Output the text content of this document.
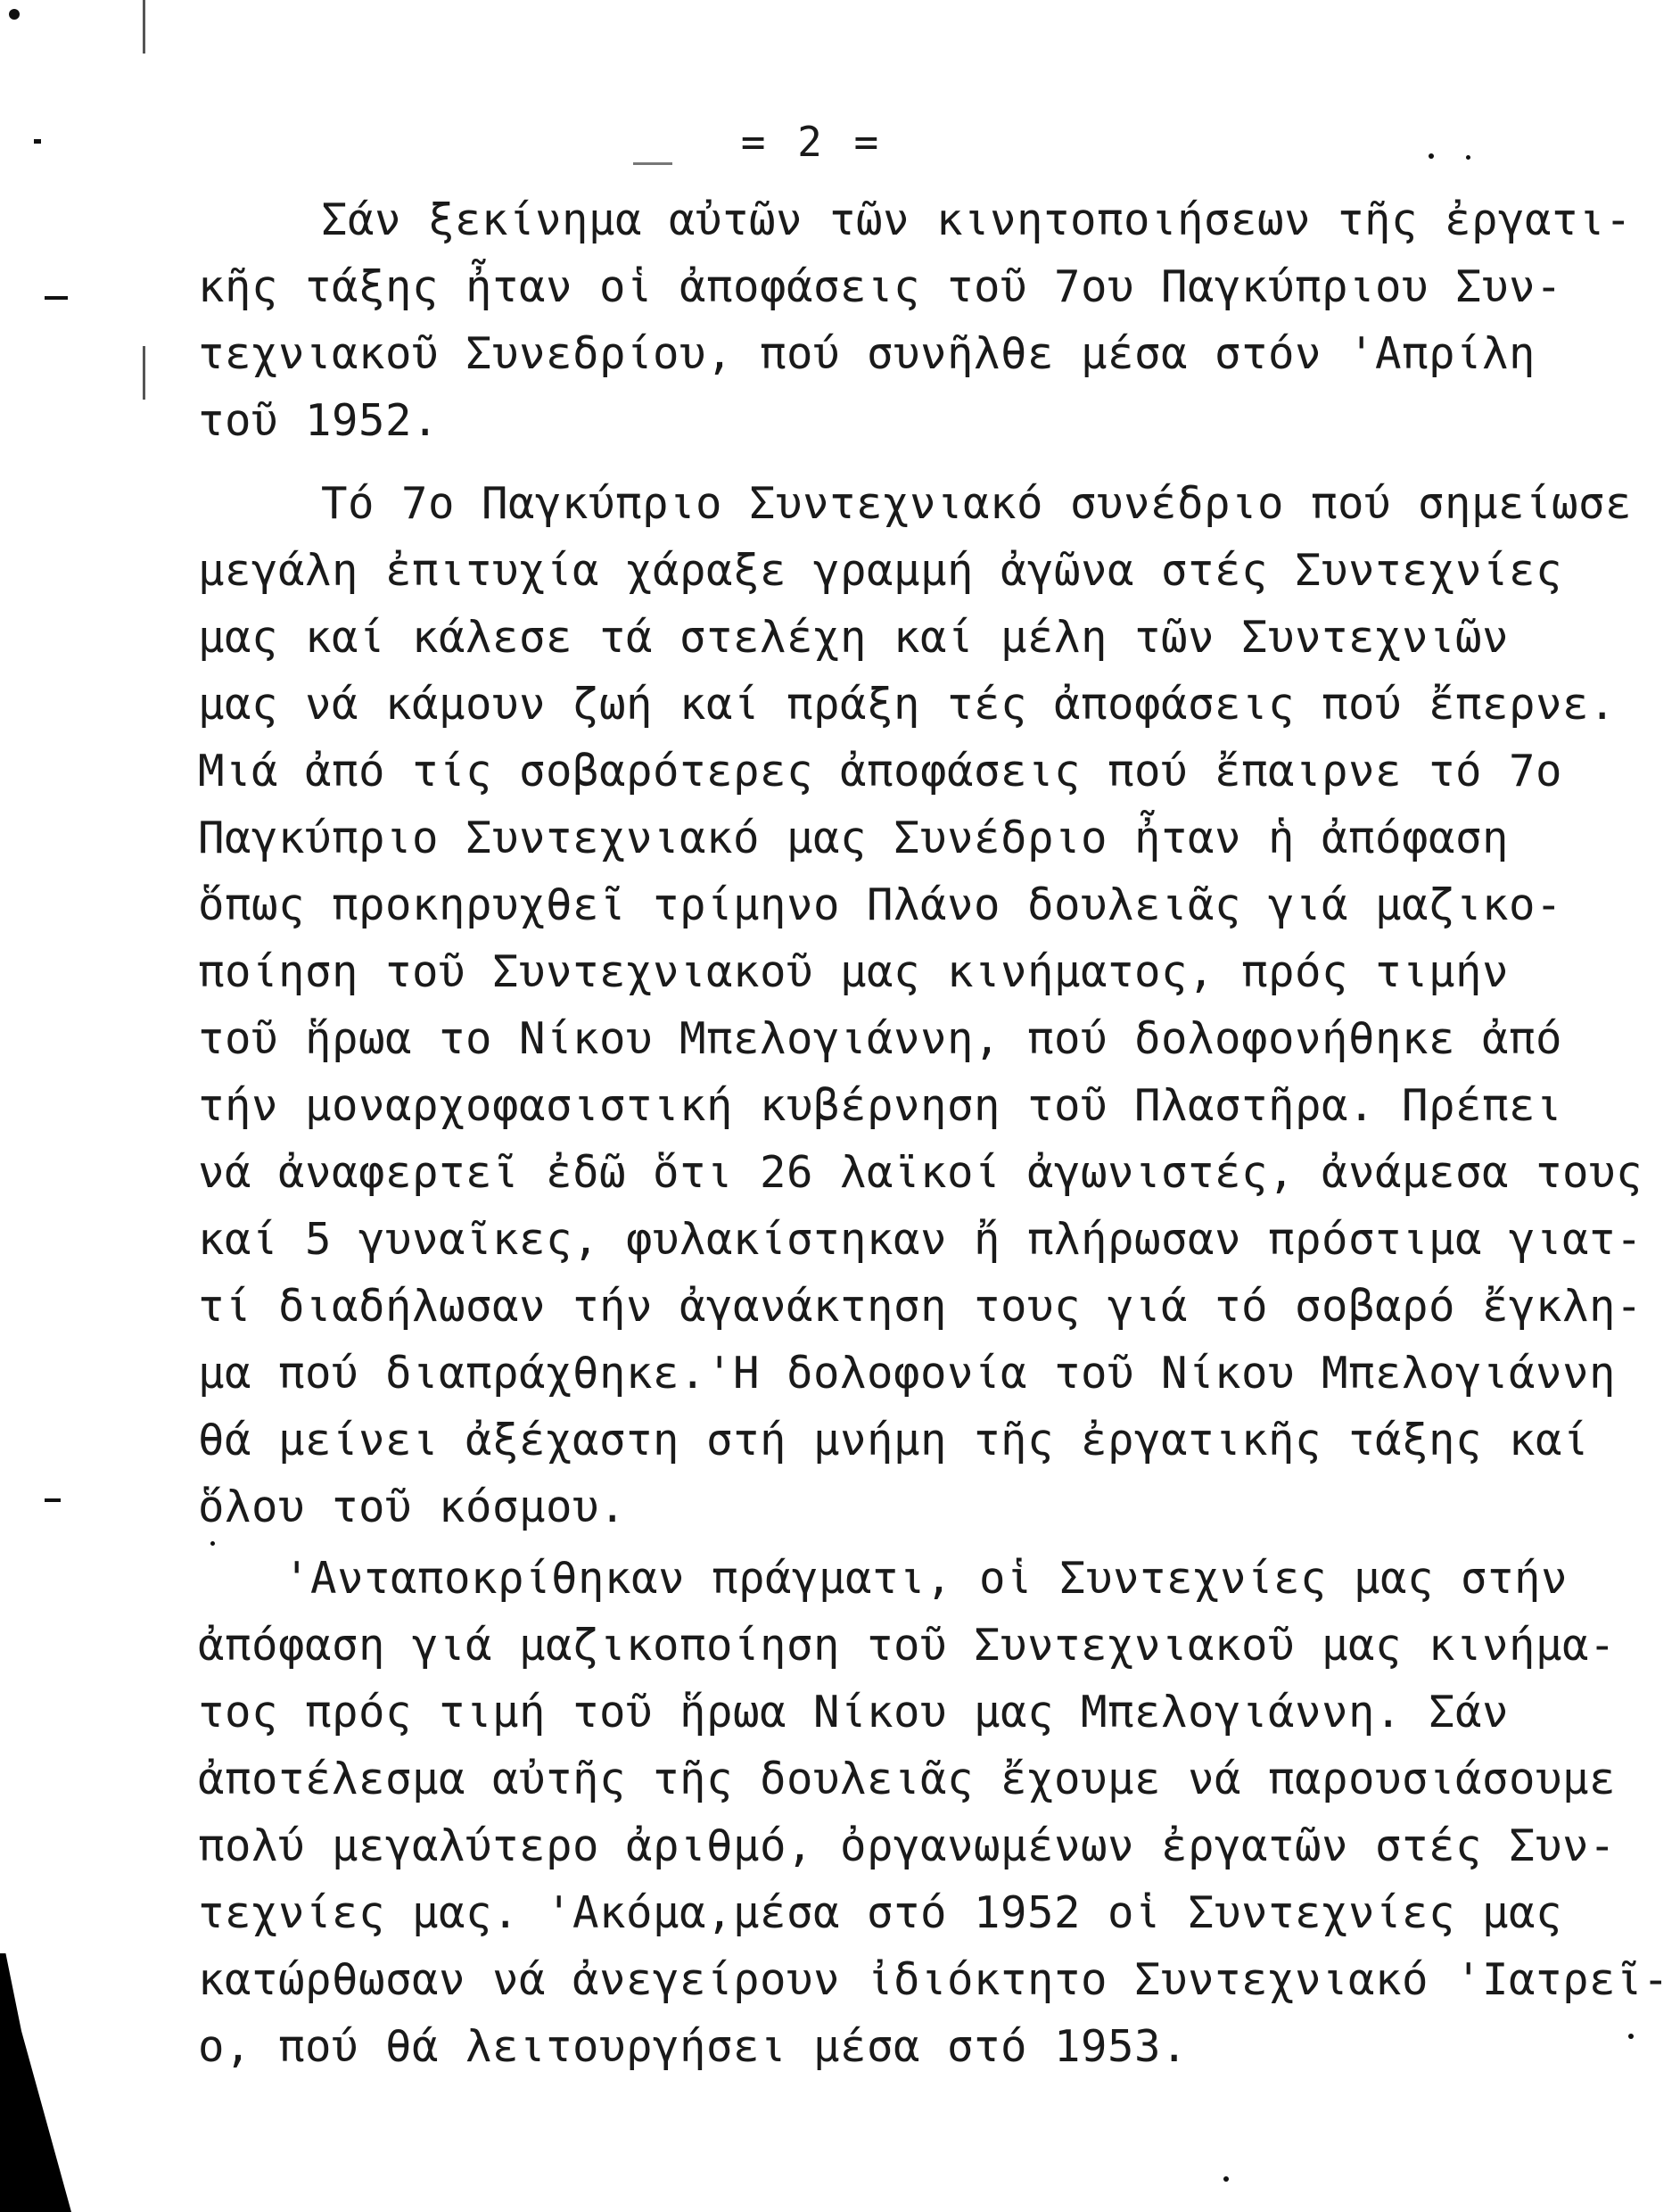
= 2 =
Σάν ξεκίνημα αὐτῶν τῶν κινητοποιήσεων τῆς ἐργατι-
κῆς τάξης ἦταν οἱ ἀποφάσεις τοῦ 7ου Παγκύπριου Συν-
τεχνιακοῦ Συνεδρίου, πού συνῆλθε μέσα στόν 'Απρίλη
τοῦ 1952.
Τό 7ο Παγκύπριο Συντεχνιακό συνέδριο πού σημείωσε
μεγάλη ἐπιτυχία χάραξε γραμμή ἀγῶνα στές Συντεχνίες
μας καί κάλεσε τά στελέχη καί μέλη τῶν Συντεχνιῶν
μας νά κάμουν ζωή καί πράξη τές ἀποφάσεις πού ἔπερνε.
Μιά ἀπό τίς σοβαρότερες ἀποφάσεις πού ἔπαιρνε τό 7ο
Παγκύπριο Συντεχνιακό μας Συνέδριο ἦταν ἡ ἀπόφαση
ὅπως προκηρυχθεῖ τρίμηνο Πλάνο δουλειᾶς γιά μαζικο-
ποίηση τοῦ Συντεχνιακοῦ μας κινήματος, πρός τιμήν
τοῦ ἥρωα το Νίκου Μπελογιάννη, πού δολοφονήθηκε ἀπό
τήν μοναρχοφασιστική κυβέρνηση τοῦ Πλαστῆρα. Πρέπει
νά ἀναφερτεῖ ἐδῶ ὅτι 26 λαϊκοί ἀγωνιστές, ἀνάμεσα τους
καί 5 γυναῖκες, φυλακίστηκαν ἤ πλήρωσαν πρόστιμα γιατ-
τί διαδήλωσαν τήν ἀγανάκτηση τους γιά τό σοβαρό ἔγκλη-
μα πού διαπράχθηκε.'Η δολοφονία τοῦ Νίκου Μπελογιάννη
θά μείνει ἀξέχαστη στή μνήμη τῆς ἐργατικῆς τάξης καί
ὅλου τοῦ κόσμου.
'Ανταποκρίθηκαν πράγματι, οἱ Συντεχνίες μας στήν
ἀπόφαση γιά μαζικοποίηση τοῦ Συντεχνιακοῦ μας κινήμα-
τος πρός τιμή τοῦ ἥρωα Νίκου μας Μπελογιάννη. Σάν
ἀποτέλεσμα αὐτῆς τῆς δουλειᾶς ἔχουμε νά παρουσιάσουμε
πολύ μεγαλύτερο ἀριθμό, ὀργανωμένων ἐργατῶν στές Συν-
τεχνίες μας. 'Ακόμα,μέσα στό 1952 οἱ Συντεχνίες μας
κατώρθωσαν νά ἀνεγείρουν ἰδιόκτητο Συντεχνιακό 'Ιατρεῖ-
ο, πού θά λειτουργήσει μέσα στό 1953.
